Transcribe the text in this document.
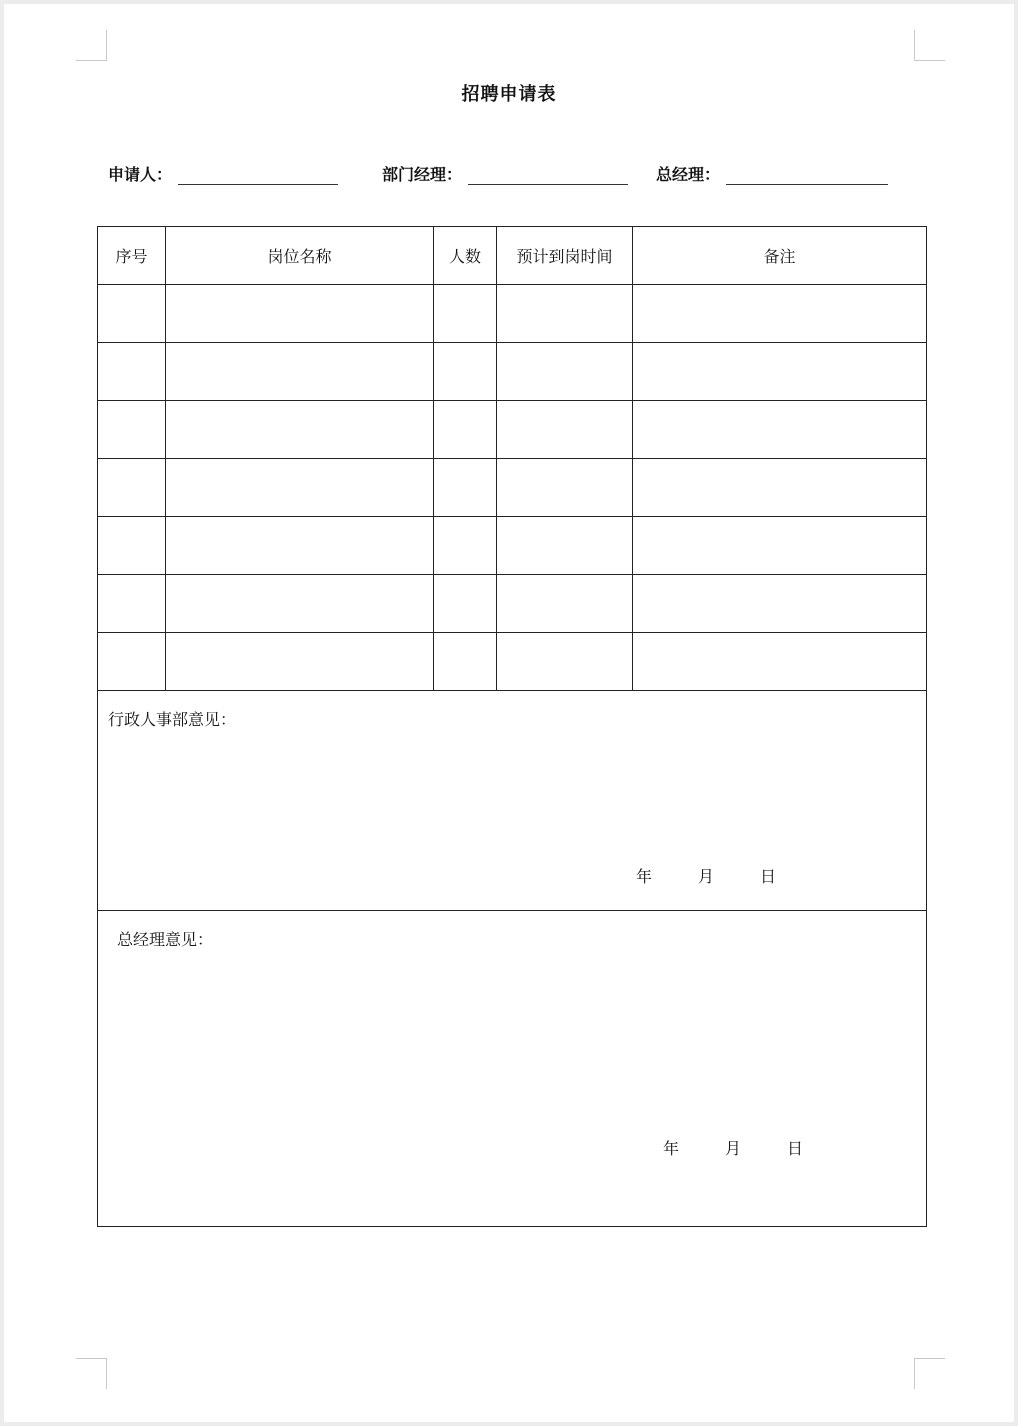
招聘申请表
申请人：	部门经理：	总经理：
序号	岗位名称	人数	预计到岗时间	备注

行政人事部意见：
年 月 日				

总经理意见：
年 月 日				
